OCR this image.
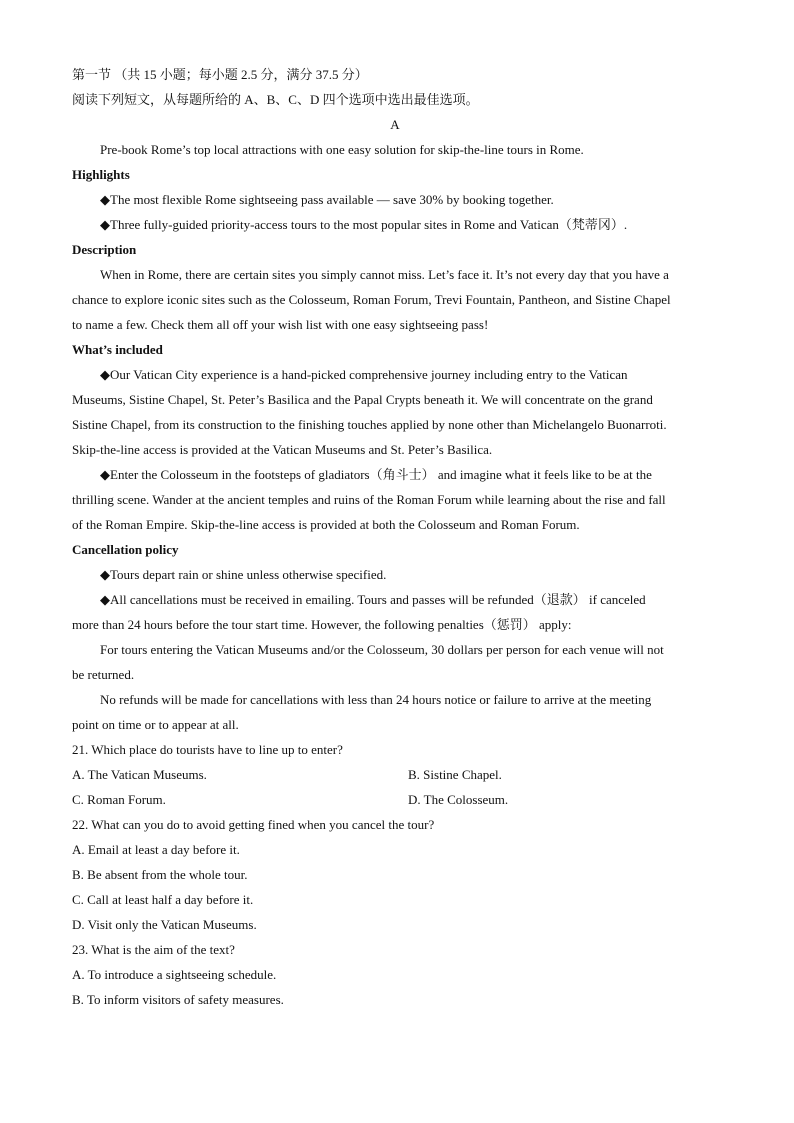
第一节 （共 15 小题；每小题 2.5 分，满分 37.5 分）
阅读下列短文，从每题所给的 A、B、C、D 四个选项中选出最佳选项。
A
Pre-book Rome’s top local attractions with one easy solution for skip-the-line tours in Rome.
Highlights
◆The most flexible Rome sightseeing pass available — save 30% by booking together.
◆Three fully-guided priority-access tours to the most popular sites in Rome and Vatican（梵蒂冈）.
Description
When in Rome, there are certain sites you simply cannot miss. Let’s face it. It’s not every day that you have a
chance to explore iconic sites such as the Colosseum, Roman Forum, Trevi Fountain, Pantheon, and Sistine Chapel
to name a few. Check them all off your wish list with one easy sightseeing pass!
What’s included
◆Our Vatican City experience is a hand-picked comprehensive journey including entry to the Vatican
Museums, Sistine Chapel, St. Peter’s Basilica and the Papal Crypts beneath it. We will concentrate on the grand
Sistine Chapel, from its construction to the finishing touches applied by none other than Michelangelo Buonarroti.
Skip-the-line access is provided at the Vatican Museums and St. Peter’s Basilica.
◆Enter the Colosseum in the footsteps of gladiators（角斗士） and imagine what it feels like to be at the
thrilling scene. Wander at the ancient temples and ruins of the Roman Forum while learning about the rise and fall
of the Roman Empire. Skip-the-line access is provided at both the Colosseum and Roman Forum.
Cancellation policy
◆Tours depart rain or shine unless otherwise specified.
◆All cancellations must be received in emailing. Tours and passes will be refunded（退款） if canceled
more than 24 hours before the tour start time. However, the following penalties（惩罚） apply:
For tours entering the Vatican Museums and/or the Colosseum, 30 dollars per person for each venue will not
be returned.
No refunds will be made for cancellations with less than 24 hours notice or failure to arrive at the meeting
point on time or to appear at all.
21. Which place do tourists have to line up to enter?
A. The Vatican Museums.	B. Sistine Chapel.
C. Roman Forum.	D. The Colosseum.
22. What can you do to avoid getting fined when you cancel the tour?
A. Email at least a day before it.
B. Be absent from the whole tour.
C. Call at least half a day before it.
D. Visit only the Vatican Museums.
23. What is the aim of the text?
A. To introduce a sightseeing schedule.
B. To inform visitors of safety measures.
